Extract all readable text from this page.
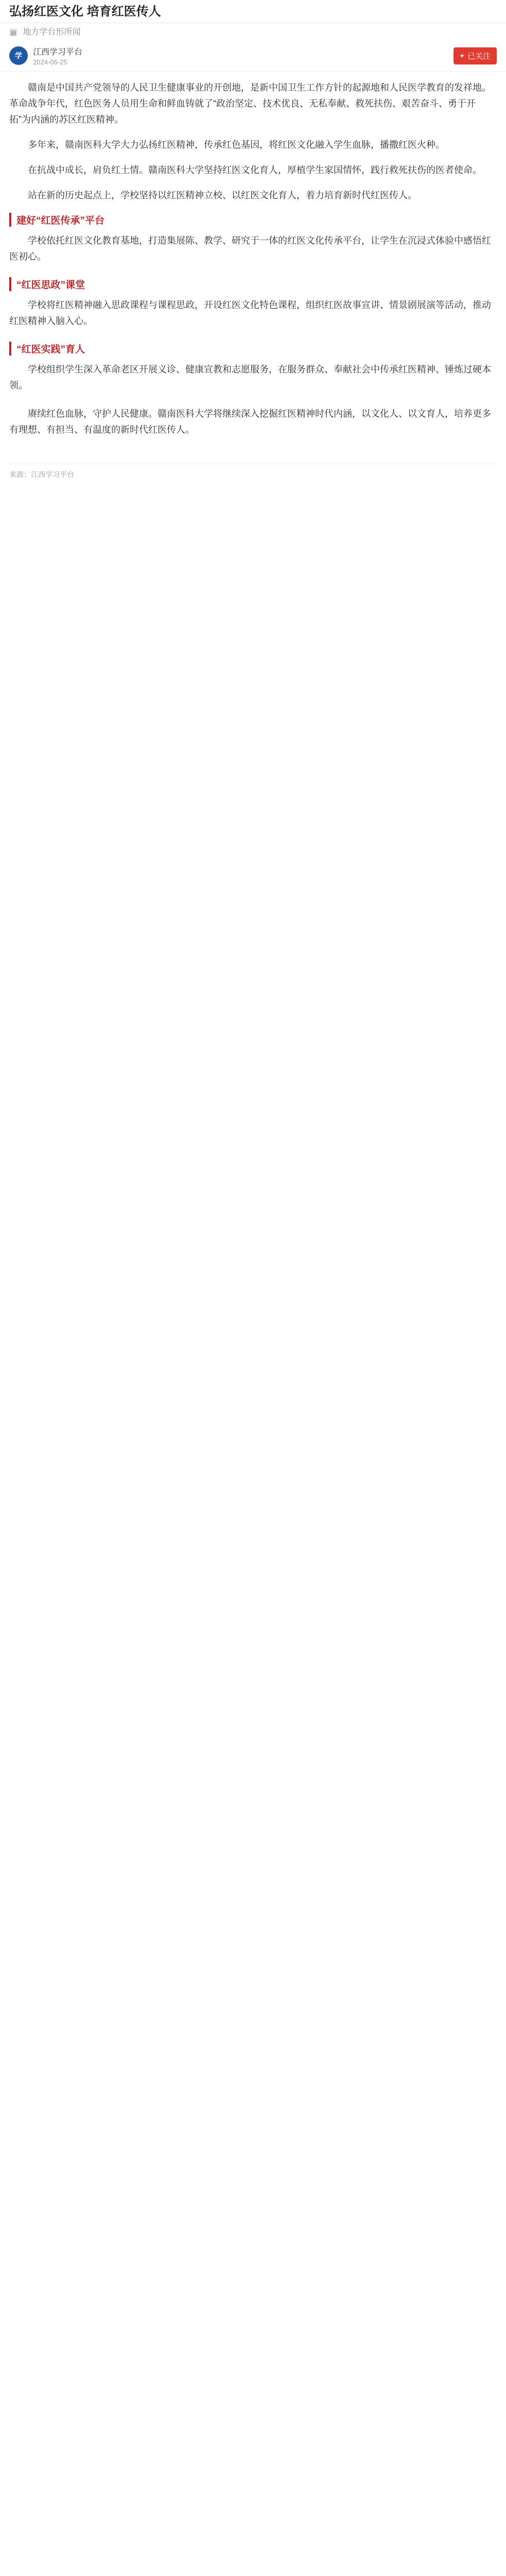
弘扬红医文化 培育红医传人
▤ 地方学台形所闻
学	江西学习平台
2024-06-25
+ 已关注

赣南是中国共产党领导的人民卫生健康事业的开创地，是新中国卫生工作方针的起源地和人民医学教育的发祥地。革命战争年代，红色医务人员用生命和鲜血铸就了“政治坚定、技术优良、无私奉献、救死扶伤、艰苦奋斗、勇于开拓”为内涵的苏区红医精神。

多年来，赣南医科大学大力弘扬红医精神，传承红色基因，将红医文化融入学生血脉，播撒红医火种。

在抗战中成长，肩负红土情。赣南医科大学坚持红医文化育人，厚植学生家国情怀，践行救死扶伤的医者使命。

站在新的历史起点上，学校坚持以红医精神立校、以红医文化育人，着力培育新时代红医传人。

建好“红医传承”平台

学校依托红医文化教育基地，打造集展陈、教学、研究于一体的红医文化传承平台，让学生在沉浸式体验中感悟红医初心。

“红医思政”课堂

学校将红医精神融入思政课程与课程思政，开设红医文化特色课程，组织红医故事宣讲、情景剧展演等活动，推动红医精神入脑入心。

“红医实践”育人

学校组织学生深入革命老区开展义诊、健康宣教和志愿服务，在服务群众、奉献社会中传承红医精神、锤炼过硬本领。

赓续红色血脉，守护人民健康。赣南医科大学将继续深入挖掘红医精神时代内涵，以文化人、以文育人，培养更多有理想、有担当、有温度的新时代红医传人。

来源：江西学习平台
